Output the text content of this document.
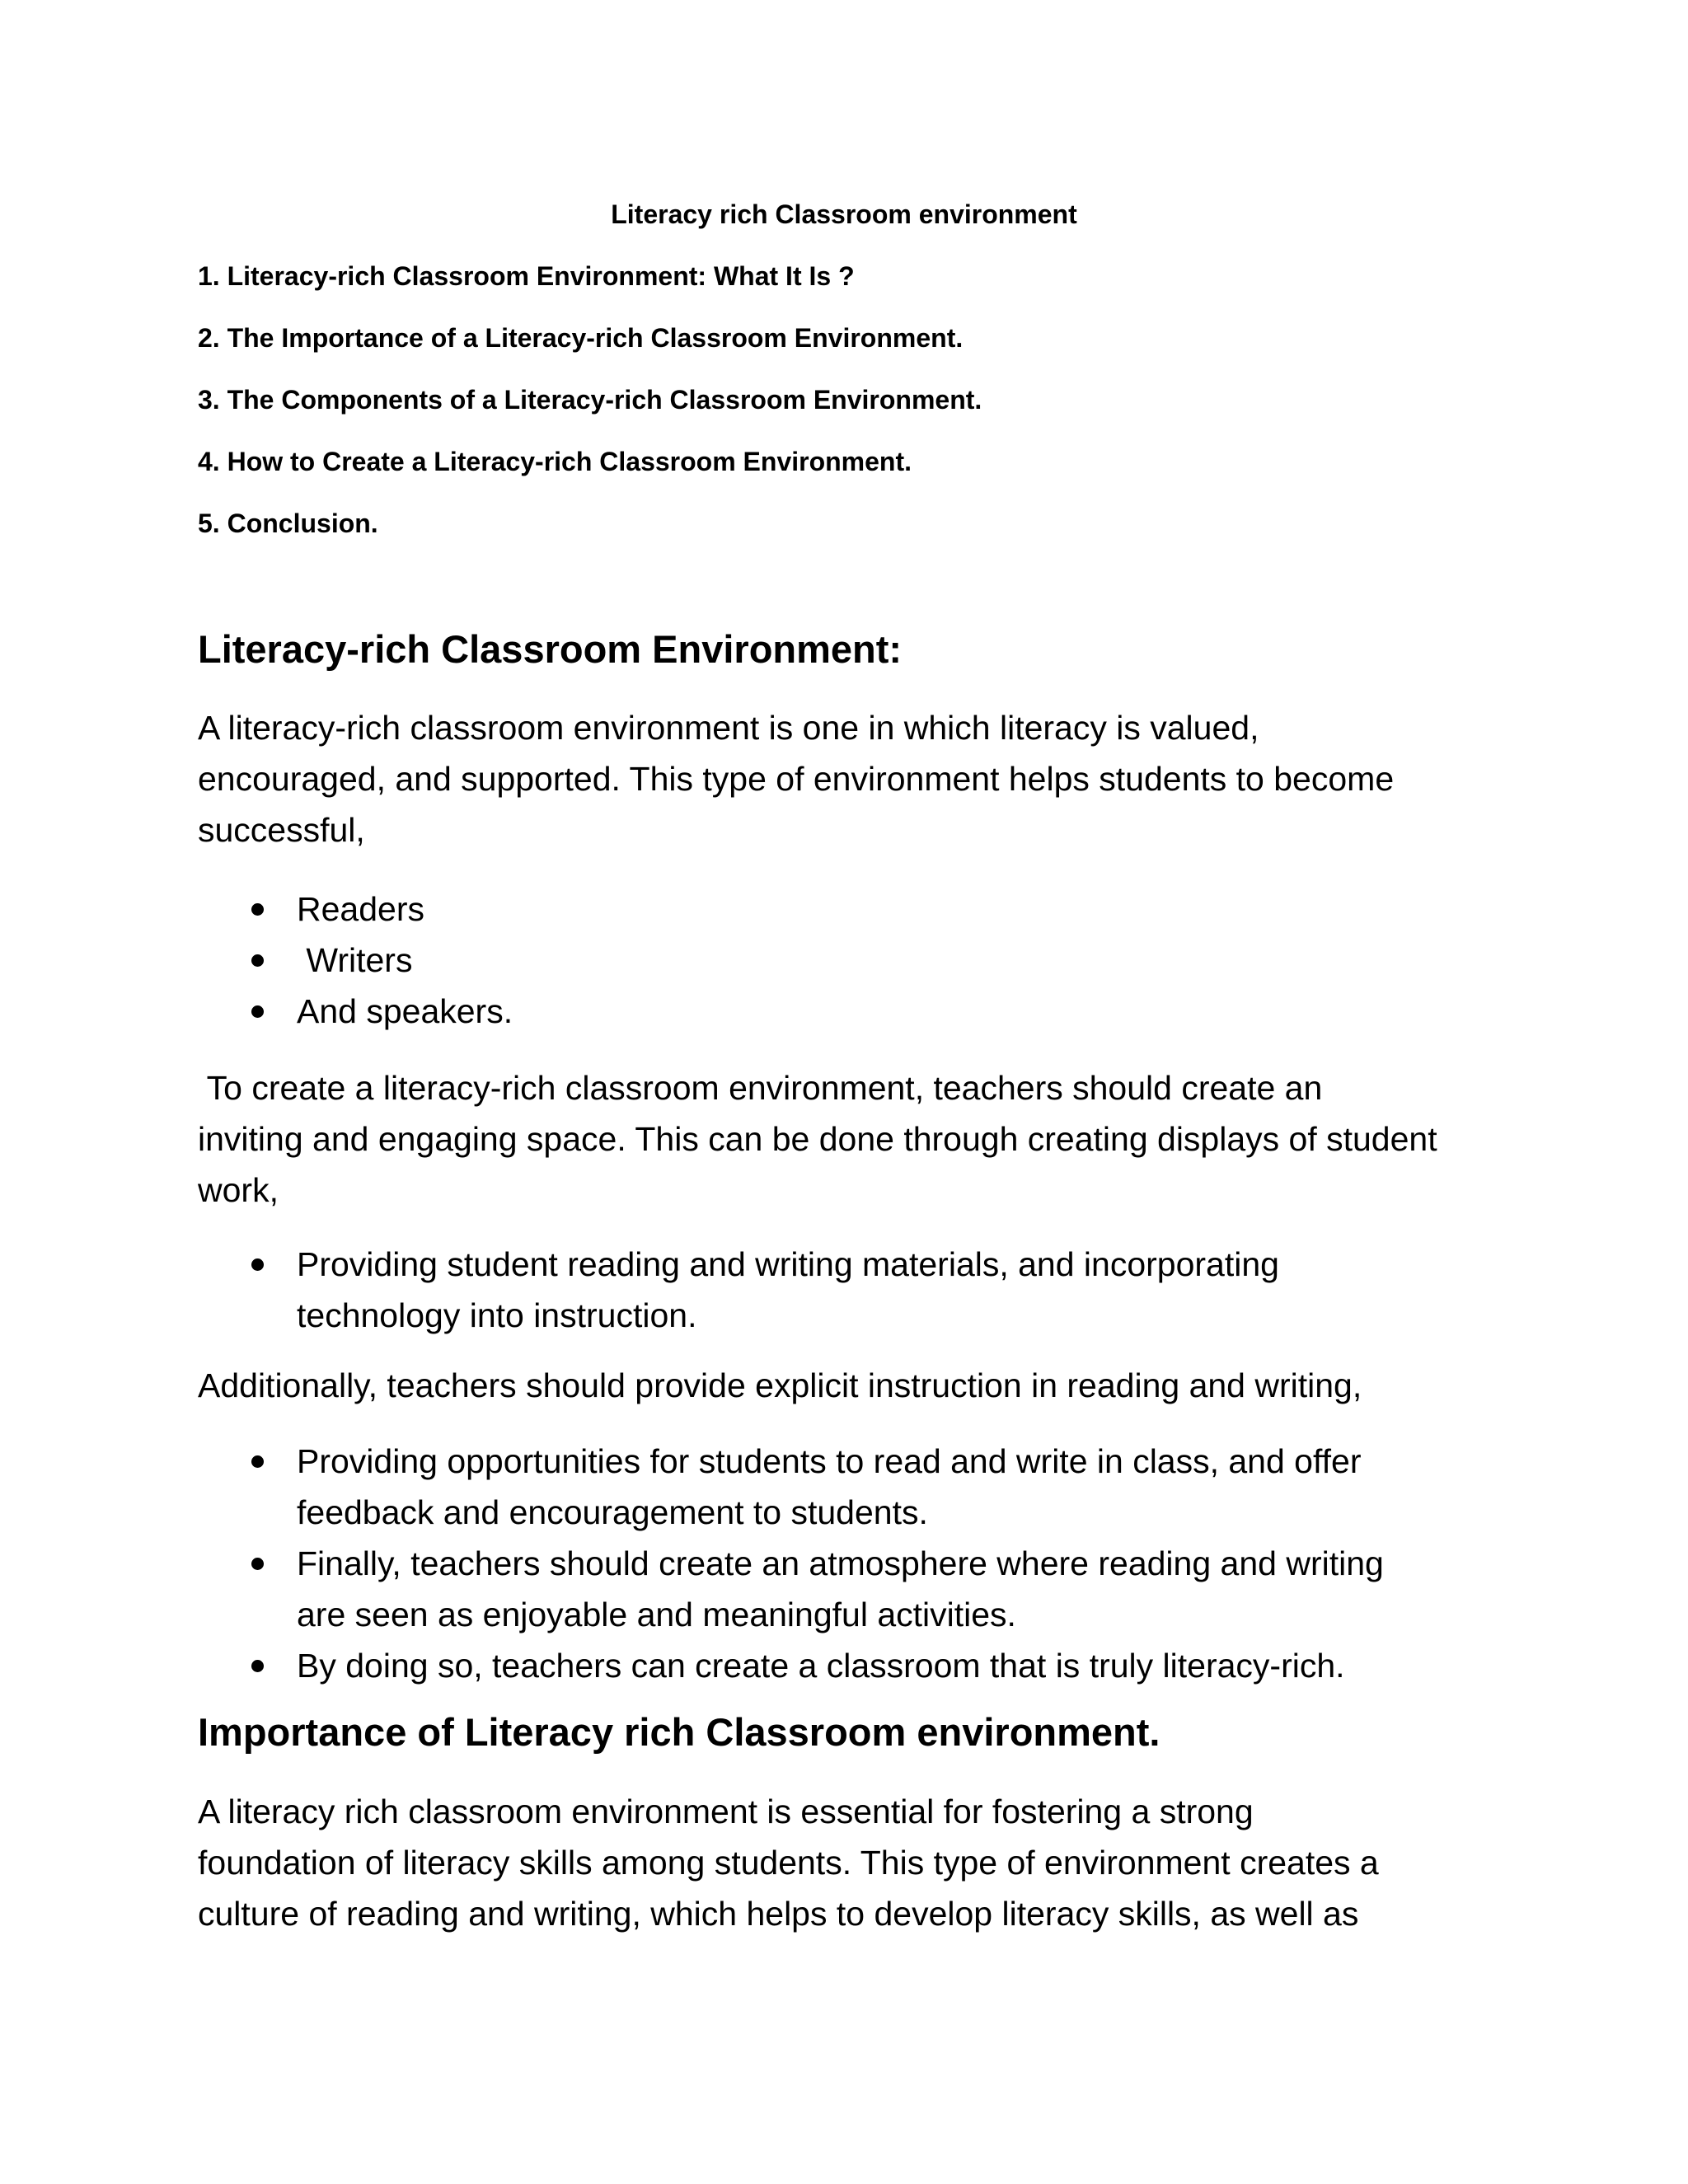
Literacy rich Classroom environment
1. Literacy-rich Classroom Environment: What It Is ?
2. The Importance of a Literacy-rich Classroom Environment.
3. The Components of a Literacy-rich Classroom Environment.
4. How to Create a Literacy-rich Classroom Environment.
5. Conclusion.
Literacy-rich Classroom Environment:
A literacy-rich classroom environment is one in which literacy is valued,
encouraged, and supported. This type of environment helps students to become
successful,
Readers
Writers
And speakers.
To create a literacy-rich classroom environment, teachers should create an
inviting and engaging space. This can be done through creating displays of student
work,
Providing student reading and writing materials, and incorporating
technology into instruction.
Additionally, teachers should provide explicit instruction in reading and writing,
Providing opportunities for students to read and write in class, and offer
feedback and encouragement to students.
Finally, teachers should create an atmosphere where reading and writing
are seen as enjoyable and meaningful activities.
By doing so, teachers can create a classroom that is truly literacy-rich.
Importance of Literacy rich Classroom environment.
A literacy rich classroom environment is essential for fostering a strong
foundation of literacy skills among students. This type of environment creates a
culture of reading and writing, which helps to develop literacy skills, as well as
